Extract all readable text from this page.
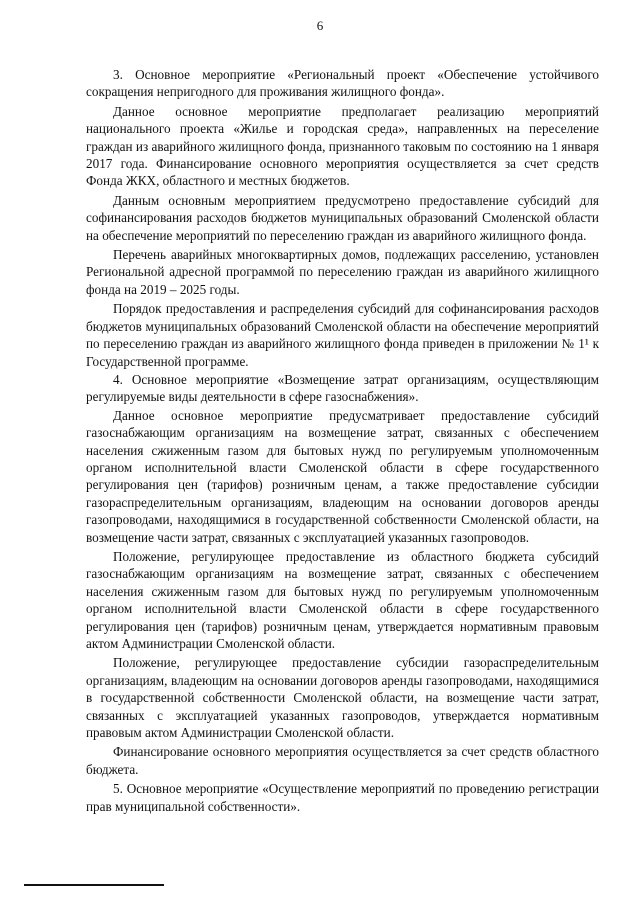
6

3. Основное мероприятие «Региональный проект «Обеспечение устойчивого сокращения непригодного для проживания жилищного фонда».

Данное основное мероприятие предполагает реализацию мероприятий национального проекта «Жилье и городская среда», направленных на переселение граждан из аварийного жилищного фонда, признанного таковым по состоянию на 1 января 2017 года. Финансирование основного мероприятия осуществляется за счет средств Фонда ЖКХ, областного и местных бюджетов.

Данным основным мероприятием предусмотрено предоставление субсидий для софинансирования расходов бюджетов муниципальных образований Смоленской области на обеспечение мероприятий по переселению граждан из аварийного жилищного фонда.

Перечень аварийных многоквартирных домов, подлежащих расселению, установлен Региональной адресной программой по переселению граждан из аварийного жилищного фонда на 2019 – 2025 годы.

Порядок предоставления и распределения субсидий для софинансирования расходов бюджетов муниципальных образований Смоленской области на обеспечение мероприятий по переселению граждан из аварийного жилищного фонда приведен в приложении № 1¹ к Государственной программе.

4. Основное мероприятие «Возмещение затрат организациям, осуществляющим регулируемые виды деятельности в сфере газоснабжения».

Данное основное мероприятие предусматривает предоставление субсидий газоснабжающим организациям на возмещение затрат, связанных с обеспечением населения сжиженным газом для бытовых нужд по регулируемым уполномоченным органом исполнительной власти Смоленской области в сфере государственного регулирования цен (тарифов) розничным ценам, а также предоставление субсидии газораспределительным организациям, владеющим на основании договоров аренды газопроводами, находящимися в государственной собственности Смоленской области, на возмещение части затрат, связанных с эксплуатацией указанных газопроводов.

Положение, регулирующее предоставление из областного бюджета субсидий газоснабжающим организациям на возмещение затрат, связанных с обеспечением населения сжиженным газом для бытовых нужд по регулируемым уполномоченным органом исполнительной власти Смоленской области в сфере государственного регулирования цен (тарифов) розничным ценам, утверждается нормативным правовым актом Администрации Смоленской области.

Положение, регулирующее предоставление субсидии газораспределительным организациям, владеющим на основании договоров аренды газопроводами, находящимися в государственной собственности Смоленской области, на возмещение части затрат, связанных с эксплуатацией указанных газопроводов, утверждается нормативным правовым актом Администрации Смоленской области.

Финансирование основного мероприятия осуществляется за счет средств областного бюджета.

5. Основное мероприятие «Осуществление мероприятий по проведению регистрации прав муниципальной собственности».
